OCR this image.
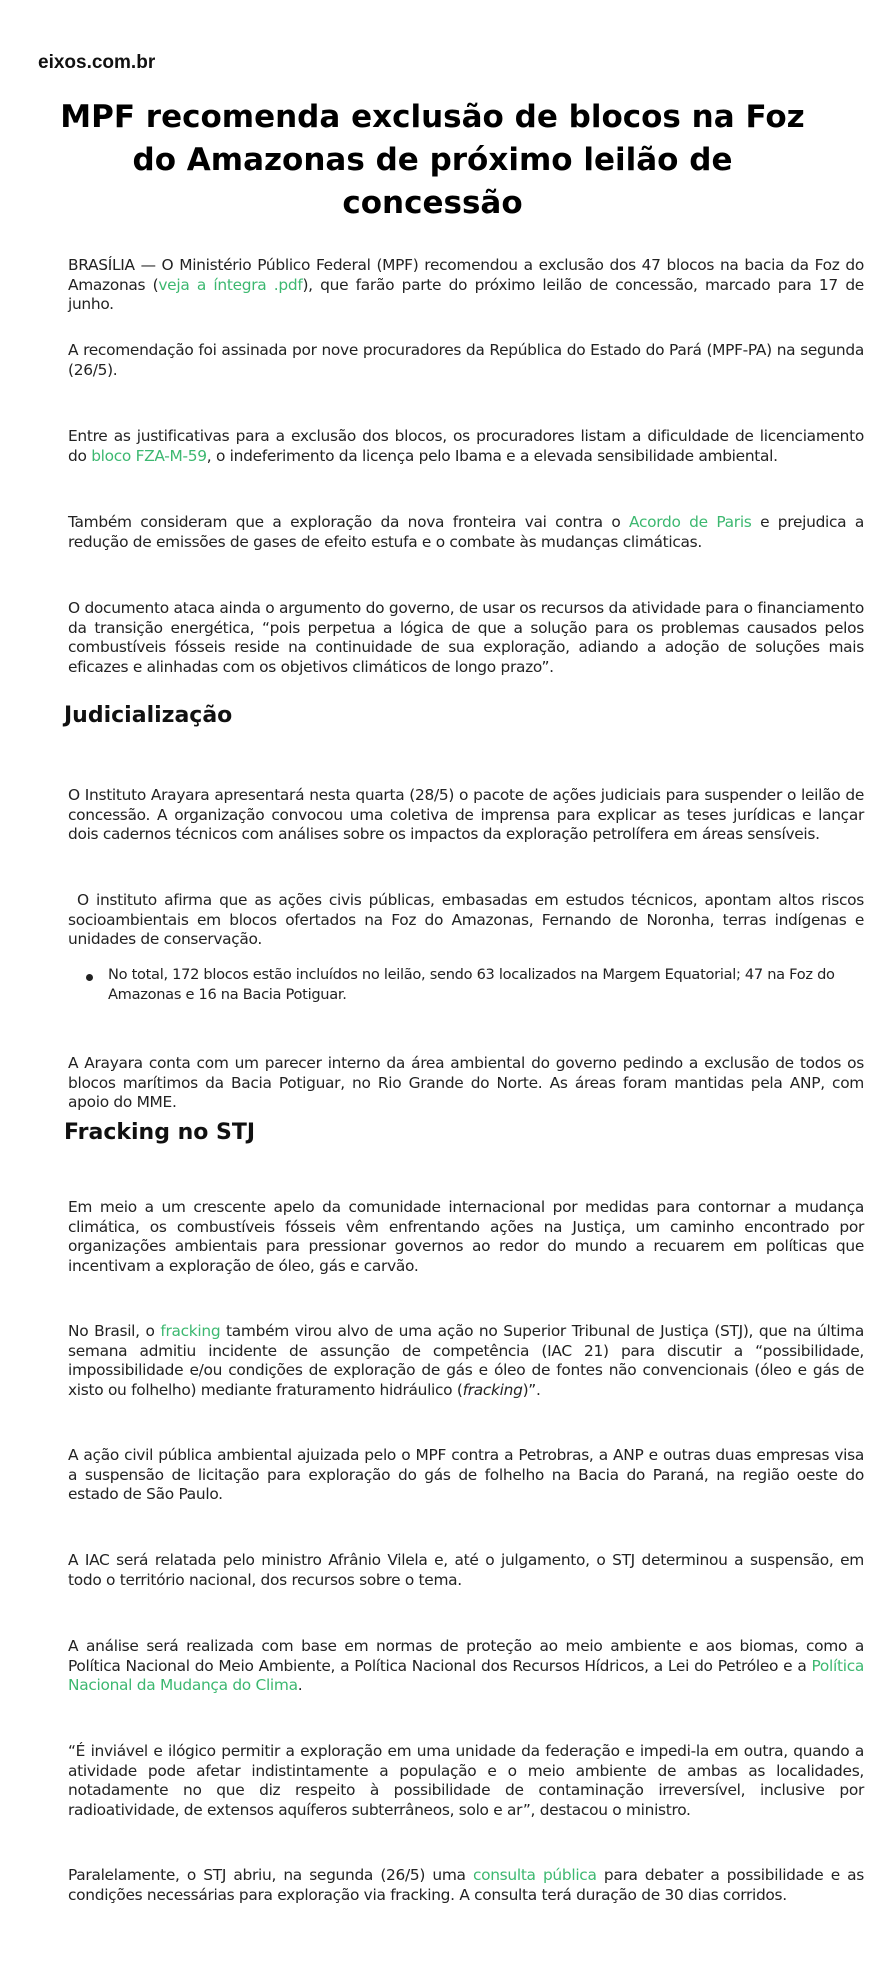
eixos.com.br
MPF recomenda exclusão de blocos na Foz do Amazonas de próximo leilão de concessão

BRASÍLIA — O Ministério Público Federal (MPF) recomendou a exclusão dos 47 blocos na bacia da Foz do Amazonas (veja a íntegra .pdf), que farão parte do próximo leilão de concessão, marcado para 17 de junho.

A recomendação foi assinada por nove procuradores da República do Estado do Pará (MPF-PA) na segunda (26/5).

Entre as justificativas para a exclusão dos blocos, os procuradores listam a dificuldade de licenciamento do bloco FZA-M-59, o indeferimento da licença pelo Ibama e a elevada sensibilidade ambiental.

Também consideram que a exploração da nova fronteira vai contra o Acordo de Paris e prejudica a redução de emissões de gases de efeito estufa e o combate às mudanças climáticas.

O documento ataca ainda o argumento do governo, de usar os recursos da atividade para o financiamento da transição energética, “pois perpetua a lógica de que a solução para os problemas causados pelos combustíveis fósseis reside na continuidade de sua exploração, adiando a adoção de soluções mais eficazes e alinhadas com os objetivos climáticos de longo prazo”.

Judicialização

O Instituto Arayara apresentará nesta quarta (28/5) o pacote de ações judiciais para suspender o leilão de concessão. A organização convocou uma coletiva de imprensa para explicar as teses jurídicas e lançar dois cadernos técnicos com análises sobre os impactos da exploração petrolífera em áreas sensíveis.

O instituto afirma que as ações civis públicas, embasadas em estudos técnicos, apontam altos riscos socioambientais em blocos ofertados na Foz do Amazonas, Fernando de Noronha, terras indígenas e unidades de conservação.

No total, 172 blocos estão incluídos no leilão, sendo 63 localizados na Margem Equatorial; 47 na Foz do Amazonas e 16 na Bacia Potiguar.

A Arayara conta com um parecer interno da área ambiental do governo pedindo a exclusão de todos os blocos marítimos da Bacia Potiguar, no Rio Grande do Norte. As áreas foram mantidas pela ANP, com apoio do MME.

Fracking no STJ

Em meio a um crescente apelo da comunidade internacional por medidas para contornar a mudança climática, os combustíveis fósseis vêm enfrentando ações na Justiça, um caminho encontrado por organizações ambientais para pressionar governos ao redor do mundo a recuarem em políticas que incentivam a exploração de óleo, gás e carvão.

No Brasil, o fracking também virou alvo de uma ação no Superior Tribunal de Justiça (STJ), que na última semana admitiu incidente de assunção de competência (IAC 21) para discutir a “possibilidade, impossibilidade e/ou condições de exploração de gás e óleo de fontes não convencionais (óleo e gás de xisto ou folhelho) mediante fraturamento hidráulico (fracking)”.

A ação civil pública ambiental ajuizada pelo o MPF contra a Petrobras, a ANP e outras duas empresas visa a suspensão de licitação para exploração do gás de folhelho na Bacia do Paraná, na região oeste do estado de São Paulo.

A IAC será relatada pelo ministro Afrânio Vilela e, até o julgamento, o STJ determinou a suspensão, em todo o território nacional, dos recursos sobre o tema.

A análise será realizada com base em normas de proteção ao meio ambiente e aos biomas, como a Política Nacional do Meio Ambiente, a Política Nacional dos Recursos Hídricos, a Lei do Petróleo e a Política Nacional da Mudança do Clima.

“É inviável e ilógico permitir a exploração em uma unidade da federação e impedi-la em outra, quando a atividade pode afetar indistintamente a população e o meio ambiente de ambas as localidades, notadamente no que diz respeito à possibilidade de contaminação irreversível, inclusive por radioatividade, de extensos aquíferos subterrâneos, solo e ar”, destacou o ministro.

Paralelamente, o STJ abriu, na segunda (26/5) uma consulta pública para debater a possibilidade e as condições necessárias para exploração via fracking. A consulta terá duração de 30 dias corridos.
